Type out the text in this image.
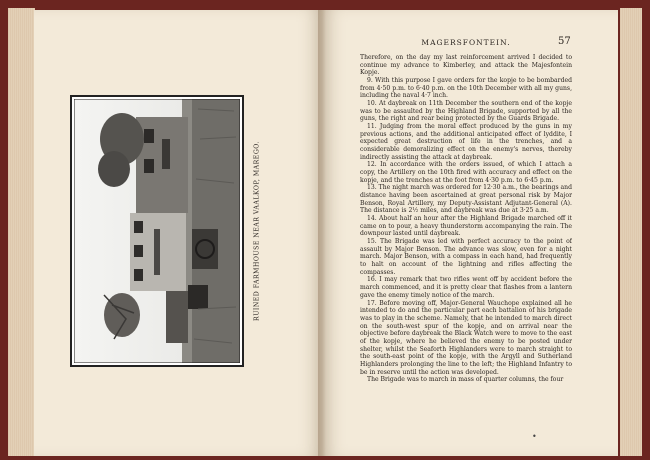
RUINED FARMHOUSE NEAR VAALKOP, MAREGO.
MAGERSFONTEIN.	57

Therefore, on the day my last reinforcement arrived I decided to continue my advance to Kimberley, and attack the Majesfontein Kopje.

9. With this purpose I gave orders for the kopje to be bombarded from 4·50 p.m. to 6·40 p.m. on the 10th December with all my guns, including the naval 4·7 inch.

10. At daybreak on 11th December the southern end of the kopje was to be assaulted by the Highland Brigade, supported by all the guns, the right and rear being protected by the Guards Brigade.

11. Judging from the moral effect produced by the guns in my previous actions, and the additional anticipated effect of lyddite, I expected great destruction of life in the trenches, and a considerable demoralizing effect on the enemy's nerves, thereby indirectly assisting the attack at daybreak.

12. In accordance with the orders issued, of which I attach a copy, the Artillery on the 10th fired with accuracy and effect on the kopje, and the trenches at the foot from 4·30 p.m. to 6·45 p.m.

13. The night march was ordered for 12·30 a.m., the bearings and distance having been ascertained at great personal risk by Major Benson, Royal Artillery, my Deputy-Assistant Adjutant-General (A). The distance is 2½ miles, and daybreak was due at 3·25 a.m.

14. About half an hour after the Highland Brigade marched off it came on to pour, a heavy thunderstorm accompanying the rain. The downpour lasted until daybreak.

15. The Brigade was led with perfect accuracy to the point of assault by Major Benson. The advance was slow, even for a night march. Major Benson, with a compass in each hand, had frequently to halt on account of the lightning and rifles affecting the compasses.

16. I may remark that two rifles went off by accident before the march commenced, and it is pretty clear that flashes from a lantern gave the enemy timely notice of the march.

17. Before moving off, Major-General Wauchope explained all he intended to do and the particular part each battalion of his brigade was to play in the scheme. Namely, that he intended to march direct on the south-west spur of the kopje, and on arrival near the objective before daybreak the Black Watch were to move to the east of the kopje, where he believed the enemy to be posted under shelter, whilst the Seaforth Highlanders were to march straight to the south-east point of the kopje, with the Argyll and Sutherland Highlanders prolonging the line to the left; the Highland Infantry to be in reserve until the action was developed.

The Brigade was to march in mass of quarter columns, the four

•
